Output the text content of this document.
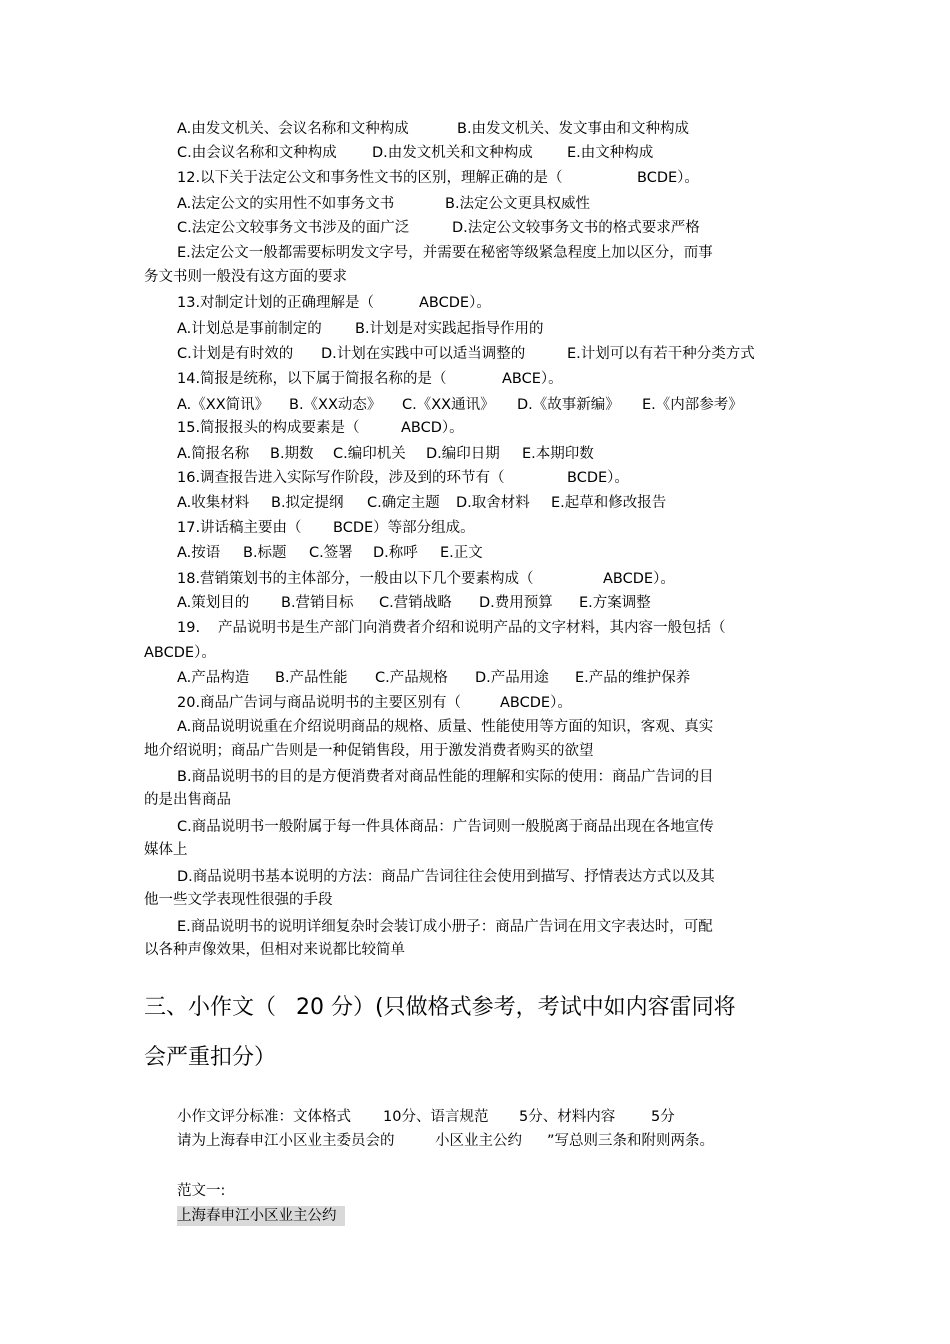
A.由发文机关、会议名称和文种构成	B.由发文机关、发文事由和文种构成
C.由会议名称和文种构成 D.由发文机关和文种构成 E.由文种构成
12.以下关于法定公文和事务性文书的区别，理解正确的是（	BCDE）。
A.法定公文的实用性不如事务文书	B.法定公文更具权威性
C.法定公文较事务文书涉及的面广泛	D.法定公文较事务文书的格式要求严格
E.法定公文一般都需要标明发文字号，并需要在秘密等级紧急程度上加以区分，而事
务文书则一般没有这方面的要求
13.对制定计划的正确理解是（	ABCDE）。
A.计划总是事前制定的 B.计划是对实践起指导作用的
C.计划是有时效的 D.计划在实践中可以适当调整的	E.计划可以有若干种分类方式
14.简报是统称，以下属于简报名称的是（	ABCE）。
A.《XX简讯》 B.《XX动态》 C.《XX通讯》 D.《故事新编》 E.《内部参考》
15.简报报头的构成要素是（	ABCD）。
A.简报名称 B.期数 C.编印机关 D.编印日期 E.本期印数
16.调查报告进入实际写作阶段，涉及到的环节有（	BCDE）。
A.收集材料 B.拟定提纲 C.确定主题 D.取舍材料 E.起草和修改报告
17.讲话稿主要由（ BCDE）等部分组成。
A.按语 B.标题 C.签署 D.称呼 E.正文
18.营销策划书的主体部分，一般由以下几个要素构成（	ABCDE）。
A.策划目的 B.营销目标 C.营销战略 D.费用预算 E.方案调整
19. 产品说明书是生产部门向消费者介绍和说明产品的文字材料，其内容一般包括（
ABCDE）。
A.产品构造 B.产品性能 C.产品规格 D.产品用途 E.产品的维护保养
20.商品广告词与商品说明书的主要区别有（	ABCDE）。
A.商品说明说重在介绍说明商品的规格、质量、性能使用等方面的知识，客观、真实
地介绍说明；商品广告则是一种促销售段，用于激发消费者购买的欲望
B.商品说明书的目的是方便消费者对商品性能的理解和实际的使用：商品广告词的目
的是出售商品
C.商品说明书一般附属于每一件具体商品：广告词则一般脱离于商品出现在各地宣传
媒体上
D.商品说明书基本说明的方法：商品广告词往往会使用到描写、抒情表达方式以及其
他一些文学表现性很强的手段
E.商品说明书的说明详细复杂时会装订成小册子：商品广告词在用文字表达时，可配
以各种声像效果，但相对来说都比较简单
三、小作文（ 20 分）(只做格式参考，考试中如内容雷同将
会严重扣分）
小作文评分标准：文体格式 10分、语言规范 5分、材料内容 5分
请为上海春申江小区业主委员会的	小区业主公约 ”写总则三条和附则两条。
范文一:
上海春申江小区业主公约
